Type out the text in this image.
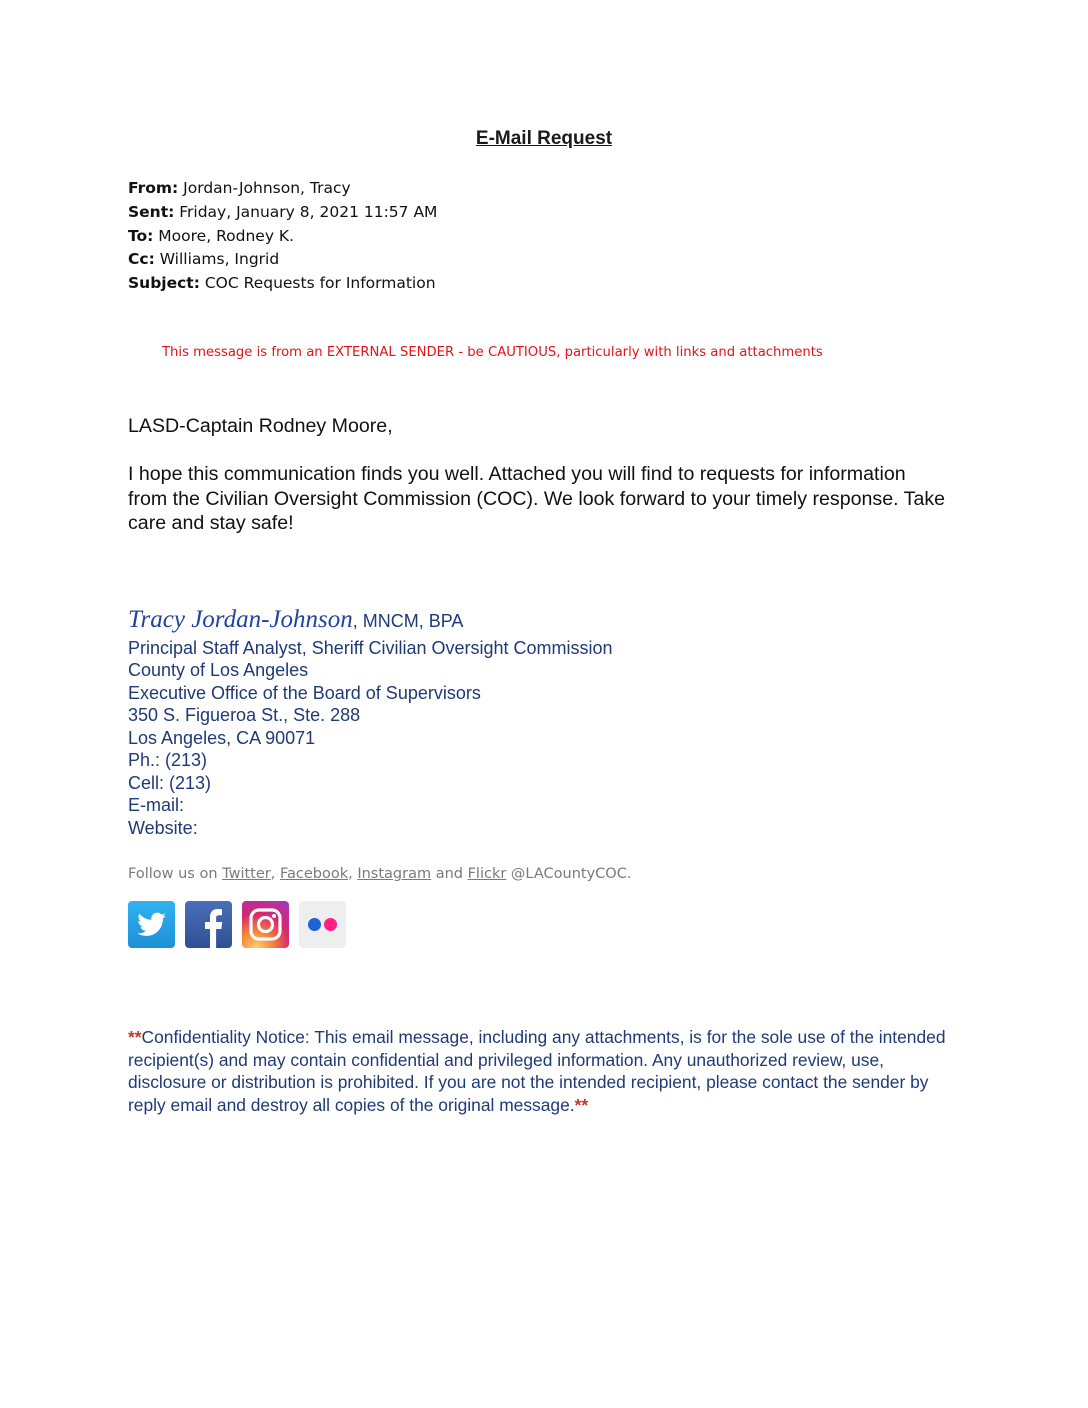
E-Mail Request
From: Jordan-Johnson, Tracy
Sent: Friday, January 8, 2021 11:57 AM
To: Moore, Rodney K.
Cc: Williams, Ingrid
Subject: COC Requests for Information
This message is from an EXTERNAL SENDER - be CAUTIOUS, particularly with links and attachments
LASD-Captain Rodney Moore,
I hope this communication finds you well. Attached you will find to requests for information from the Civilian Oversight Commission (COC). We look forward to your timely response. Take care and stay safe!
Tracy Jordan-Johnson, MNCM, BPA
Principal Staff Analyst, Sheriff Civilian Oversight Commission
County of Los Angeles
Executive Office of the Board of Supervisors
350 S. Figueroa St., Ste. 288
Los Angeles, CA 90071
Ph.: (213)
Cell: (213)
E-mail:
Website:
Follow us on Twitter, Facebook, Instagram and Flickr @LACountyCOC.
**Confidentiality Notice: This email message, including any attachments, is for the sole use of the intended recipient(s) and may contain confidential and privileged information. Any unauthorized review, use, disclosure or distribution is prohibited. If you are not the intended recipient, please contact the sender by reply email and destroy all copies of the original message.**
